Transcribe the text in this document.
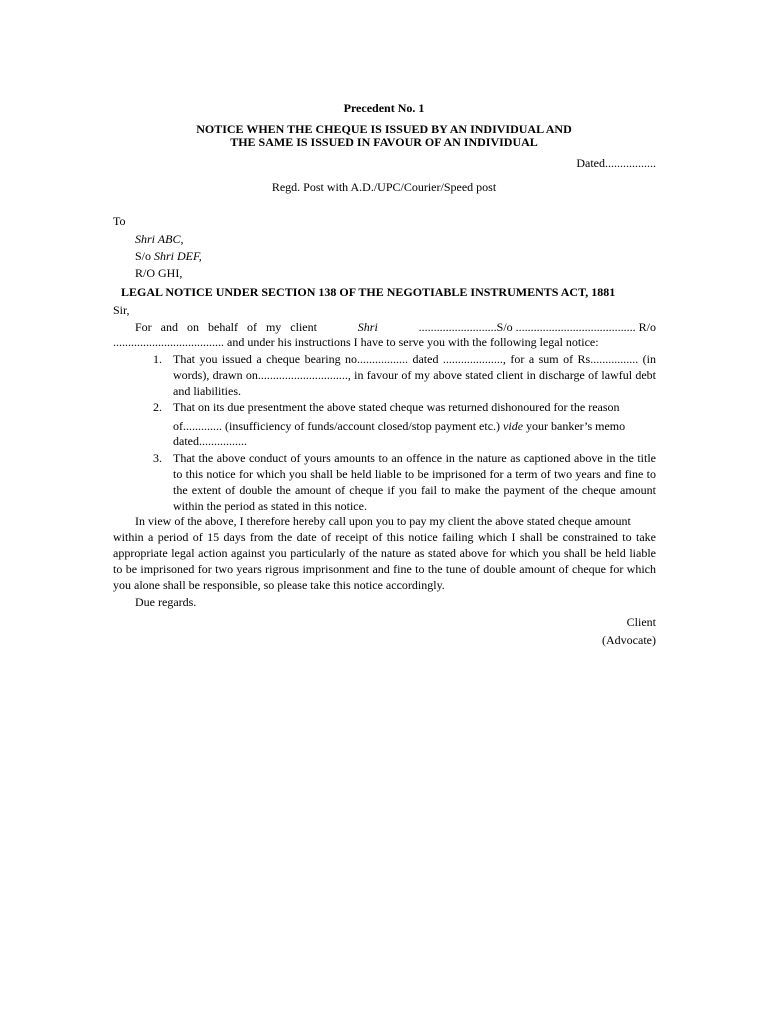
Precedent No. 1
NOTICE WHEN THE CHEQUE IS ISSUED BY AN INDIVIDUAL AND
THE SAME IS ISSUED IN FAVOUR OF AN INDIVIDUAL
Dated.................
Regd. Post with A.D./UPC/Courier/Speed post
To
Shri ABC,
S/o Shri DEF,
R/O GHI,
LEGAL NOTICE UNDER SECTION 138 OF THE NEGOTIABLE INSTRUMENTS ACT, 1881
Sir,
For and on behalf of my client	Shri	..........................S/o ........................................ R/o
..................................... and under his instructions I have to serve you with the following legal notice:
1. That you issued a cheque bearing no................. dated ...................., for a sum of Rs................ (in words), drawn on.............................., in favour of my above stated client in discharge of lawful debt and liabilities.
2. That on its due presentment the above stated cheque was returned dishonoured for the reason
of............. (insufficiency of funds/account closed/stop payment etc.) vide your banker’s memo
dated................
3. That the above conduct of yours amounts to an offence in the nature as captioned above in the title to this notice for which you shall be held liable to be imprisoned for a term of two years and fine to the extent of double the amount of cheque if you fail to make the payment of the cheque amount within the period as stated in this notice.
In view of the above, I therefore hereby call upon you to pay my client the above stated cheque amount
within a period of 15 days from the date of receipt of this notice failing which I shall be constrained to take appropriate legal action against you particularly of the nature as stated above for which you shall be held liable to be imprisoned for two years rigrous imprisonment and fine to the tune of double amount of cheque for which you alone shall be responsible, so please take this notice accordingly.
Due regards.
Client
(Advocate)
